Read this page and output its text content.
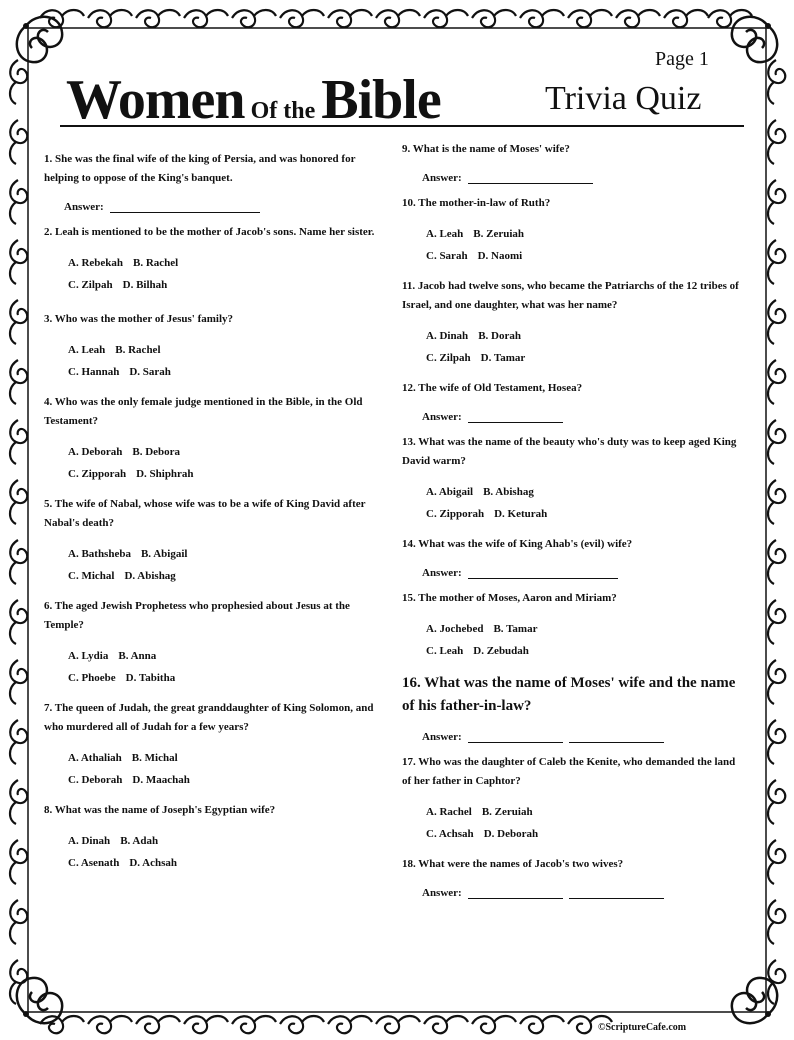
Page 1
Women Of the Bible	Trivia Quiz

1. She was the final wife of the king of Persia, and was honored for helping to oppose of the King's banquet.

Answer:

2. Leah is mentioned to be the mother of Jacob's sons. Name her sister.

A. Rebekah B. Rachel
C. Zilpah D. Bilhah

3. Who was the mother of Jesus' family?

A. Leah B. Rachel
C. Hannah D. Sarah

4. Who was the only female judge mentioned in the Bible, in the Old Testament?

A. Deborah B. Debora
C. Zipporah D. Shiphrah

5. The wife of Nabal, whose wife was to be a wife of King David after Nabal's death?

A. Bathsheba B. Abigail
C. Michal D. Abishag

6. The aged Jewish Prophetess who prophesied about Jesus at the Temple?

A. Lydia B. Anna
C. Phoebe D. Tabitha

7. The queen of Judah, the great granddaughter of King Solomon, and who murdered all of Judah for a few years?

A. Athaliah B. Michal
C. Deborah D. Maachah

8. What was the name of Joseph's Egyptian wife?

A. Dinah B. Adah
C. Asenath D. Achsah

9. What is the name of Moses' wife?

Answer:

10. The mother-in-law of Ruth?

A. Leah B. Zeruiah
C. Sarah D. Naomi

11. Jacob had twelve sons, who became the Patriarchs of the 12 tribes of Israel, and one daughter, what was her name?

A. Dinah B. Dorah
C. Zilpah D. Tamar

12. The wife of Old Testament, Hosea?

Answer:

13. What was the name of the beauty who's duty was to keep aged King David warm?

A. Abigail B. Abishag
C. Zipporah D. Keturah

14. What was the wife of King Ahab's (evil) wife?

Answer:

15. The mother of Moses, Aaron and Miriam?

A. Jochebed B. Tamar
C. Leah D. Zebudah

16. What was the name of Moses' wife and the name of his father-in-law?

Answer:

17. Who was the daughter of Caleb the Kenite, who demanded the land of her father in Caphtor?

A. Rachel B. Zeruiah
C. Achsah D. Deborah

18. What were the names of Jacob's two wives?

Answer:
©ScriptureCafe.com
